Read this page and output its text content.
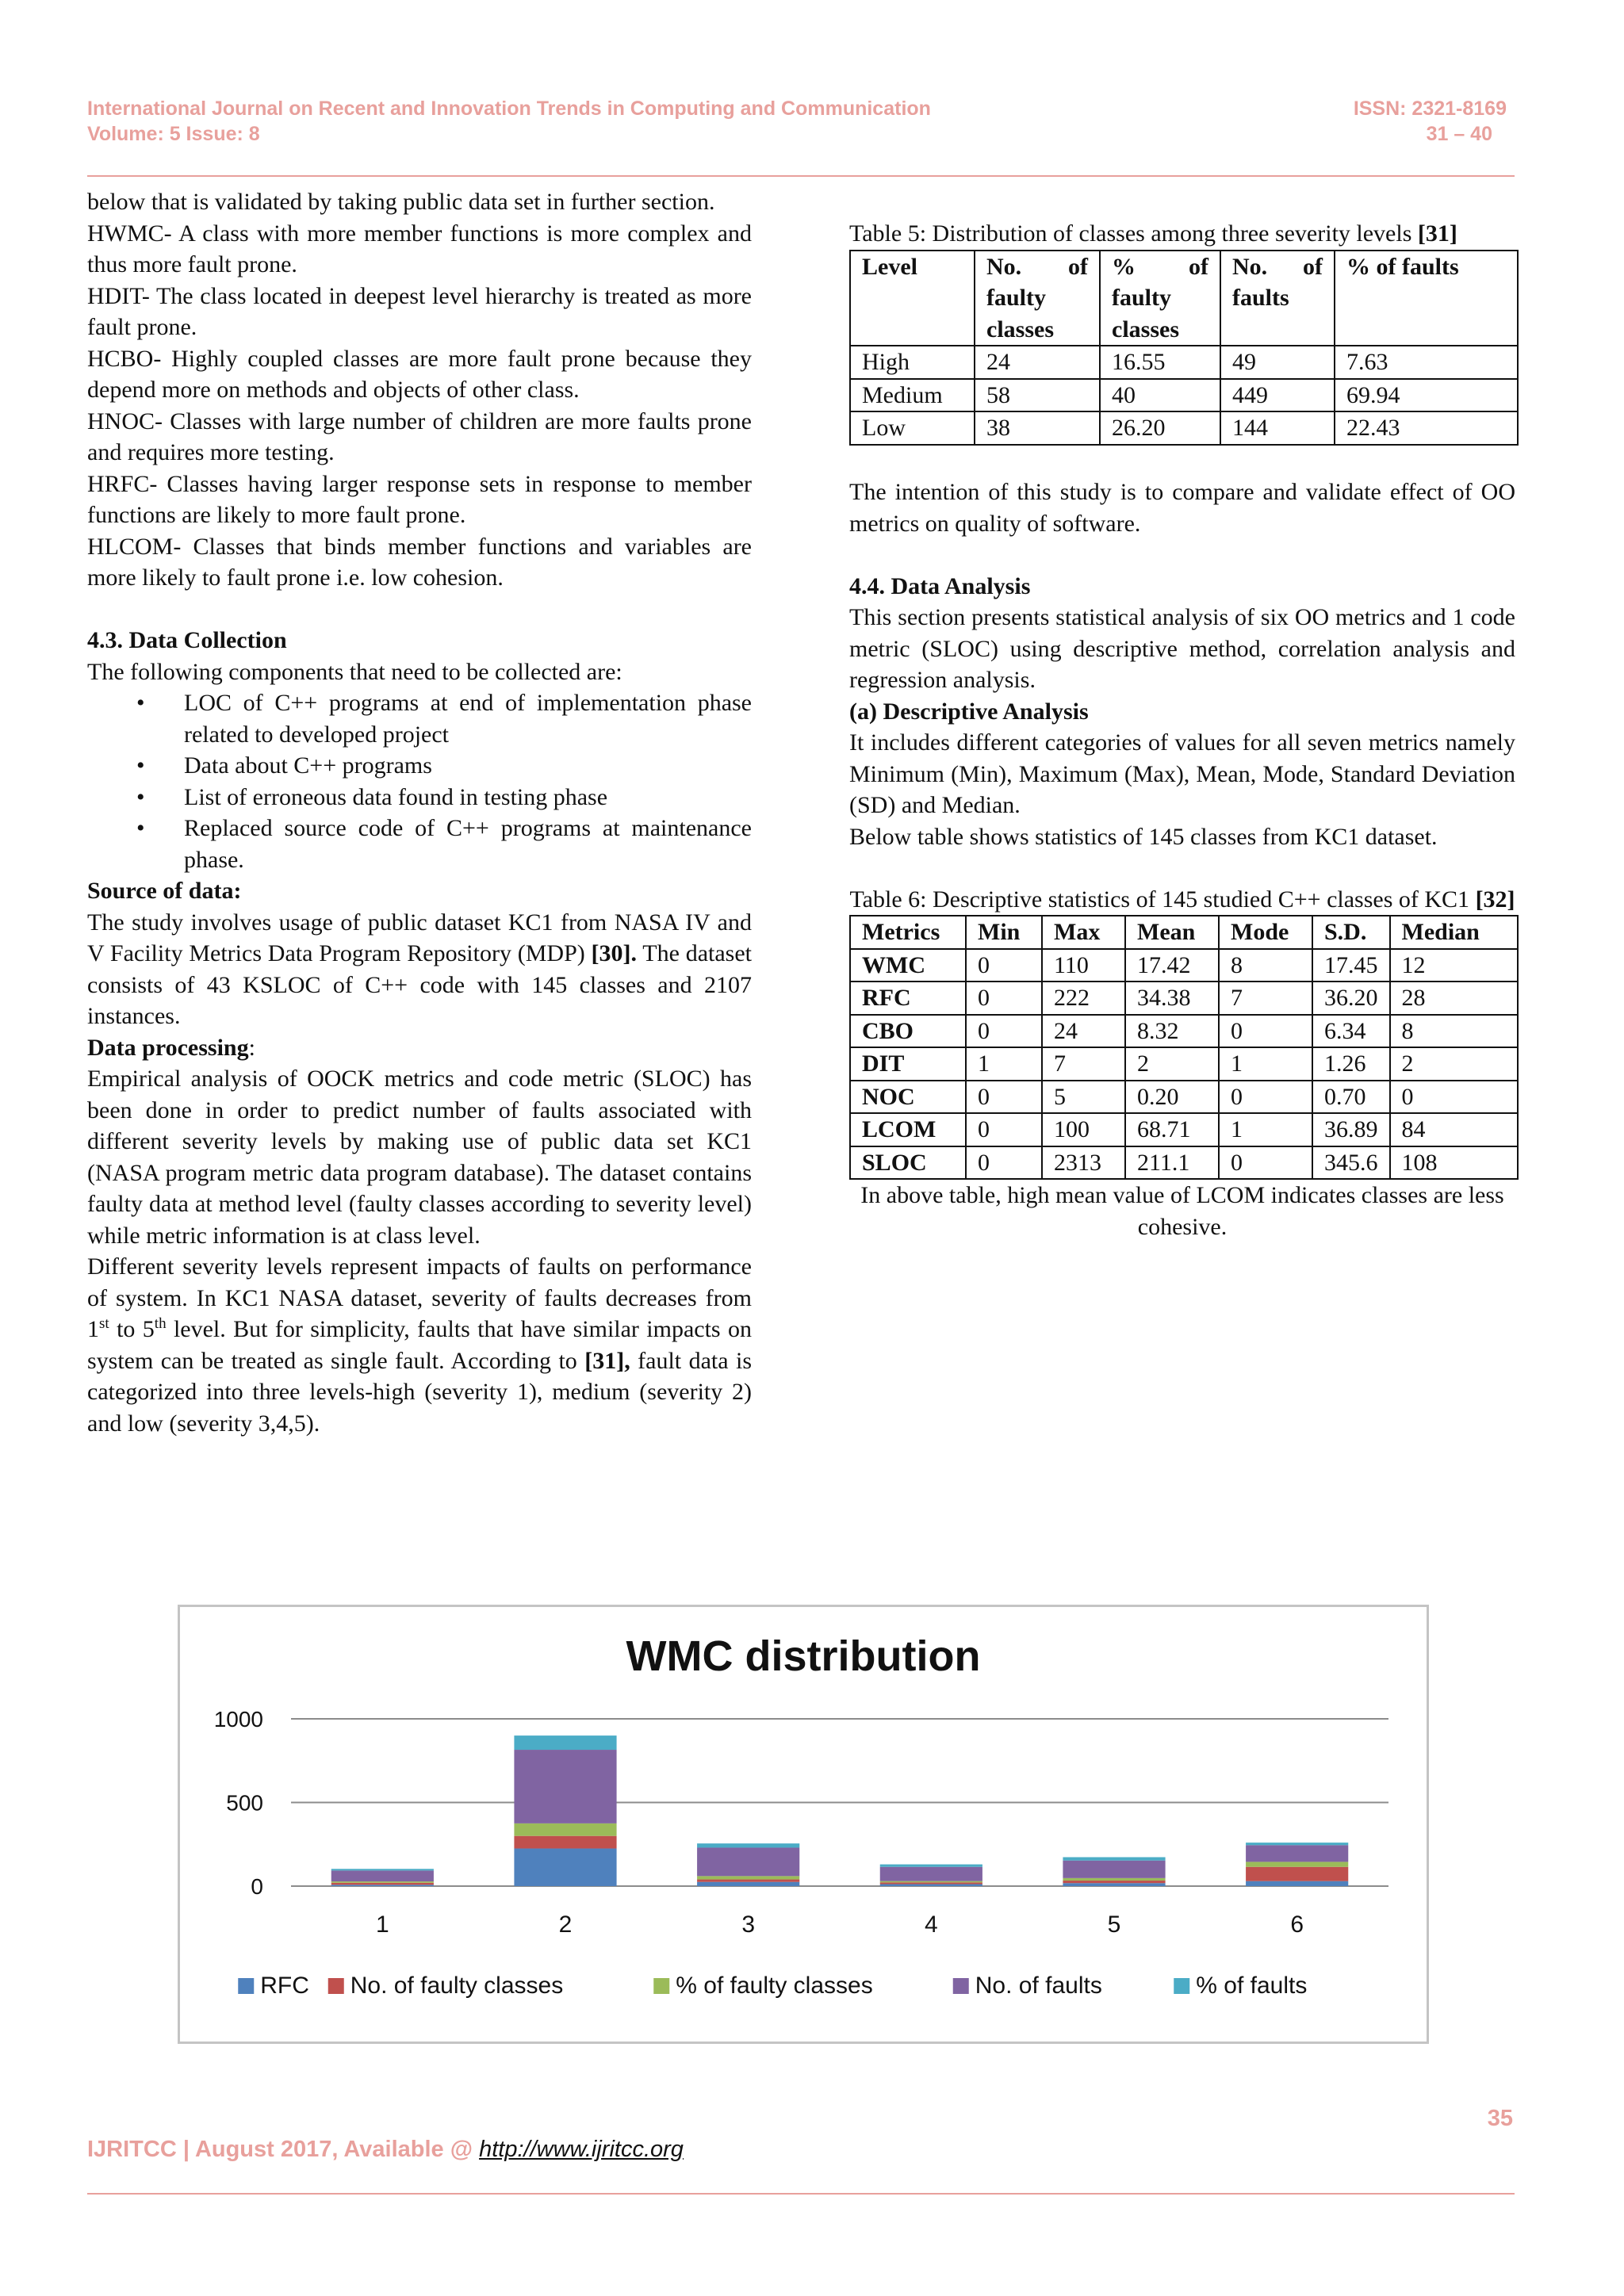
International Journal on Recent and Innovation Trends in Computing and Communication
Volume: 5 Issue: 8
ISSN: 2321-8169
31 – 40

below that is validated by taking public data set in further section.

HWMC- A class with more member functions is more complex and thus more fault prone.

HDIT- The class located in deepest level hierarchy is treated as more fault prone.

HCBO- Highly coupled classes are more fault prone because they depend more on methods and objects of other class.

HNOC- Classes with large number of children are more faults prone and requires more testing.

HRFC- Classes having larger response sets in response to member functions are likely to more fault prone.

HLCOM- Classes that binds member functions and variables are more likely to fault prone i.e. low cohesion.

4.3. Data Collection

The following components that need to be collected are:

• LOC of C++ programs at end of implementation phase related to developed project
• Data about C++ programs
• List of erroneous data found in testing phase
• Replaced source code of C++ programs at maintenance phase.

Source of data:

The study involves usage of public dataset KC1 from NASA IV and V Facility Metrics Data Program Repository (MDP) [30]. The dataset consists of 43 KSLOC of C++ code with 145 classes and 2107 instances.

Data processing:

Empirical analysis of OOCK metrics and code metric (SLOC) has been done in order to predict number of faults associated with different severity levels by making use of public data set KC1 (NASA program metric data program database). The dataset contains faulty data at method level (faulty classes according to severity level) while metric information is at class level.

Different severity levels represent impacts of faults on performance of system. In KC1 NASA dataset, severity of faults decreases from 1st to 5th level. But for simplicity, faults that have similar impacts on system can be treated as single fault. According to [31], fault data is categorized into three levels-high (severity 1), medium (severity 2) and low (severity 3,4,5).

Table 5: Distribution of classes among three severity levels [31]

Level	No. of faulty classes	% of faulty classes	No. of faults	% of faults
High	24	16.55	49	7.63
Medium	58	40	449	69.94
Low	38	26.20	144	22.43

The intention of this study is to compare and validate effect of OO metrics on quality of software.

4.4. Data Analysis

This section presents statistical analysis of six OO metrics and 1 code metric (SLOC) using descriptive method, correlation analysis and regression analysis.

(a) Descriptive Analysis

It includes different categories of values for all seven metrics namely Minimum (Min), Maximum (Max), Mean, Mode, Standard Deviation (SD) and Median.

Below table shows statistics of 145 classes from KC1 dataset.

Table 6: Descriptive statistics of 145 studied C++ classes of KC1 [32]

Metrics	Min	Max	Mean	Mode	S.D.	Median
WMC	0	110	17.42	8	17.45	12
RFC	0	222	34.38	7	36.20	28
CBO	0	24	8.32	0	6.34	8
DIT	1	7	2	1	1.26	2
NOC	0	5	0.20	0	0.70	0
LCOM	0	100	68.71	1	36.89	84
SLOC	0	2313	211.1	0	345.6	108

In above table, high mean value of LCOM indicates classes are less cohesive.

WMC distribution
0
500
1000
1	2	3	4	5	6
RFC No. of faulty classes	% of faulty classes	No. of faults	% of faults
35
IJRITCC | August 2017, Available @ http://www.ijritcc.org
